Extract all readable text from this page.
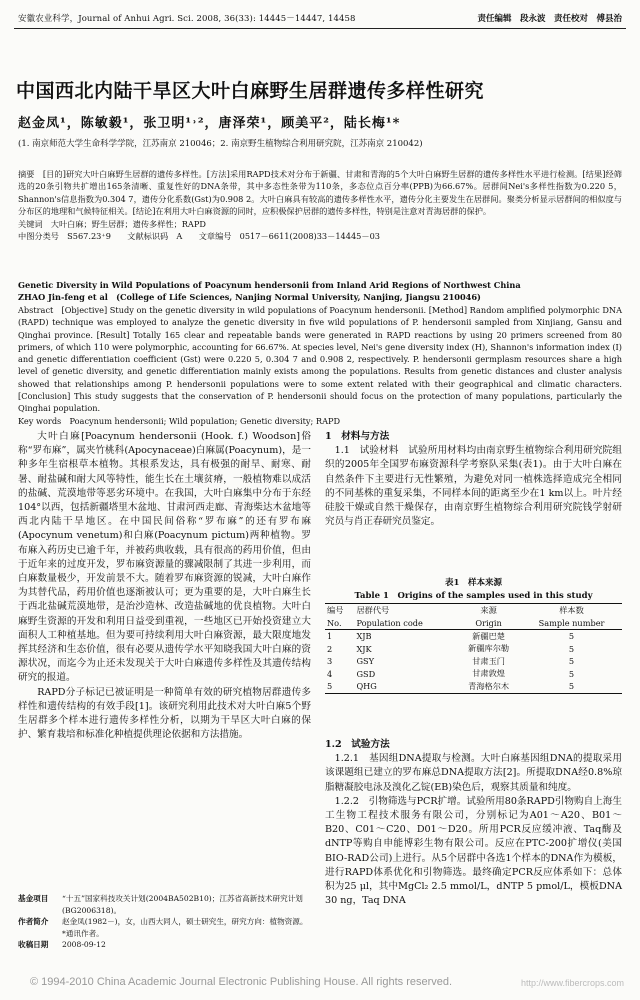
安徽农业科学，Journal of Anhui Agri. Sci. 2008, 36(33): 14445－14447, 14458	责任编辑　段永波　责任校对　傅县治
中国西北内陆干旱区大叶白麻野生居群遗传多样性研究
赵金凤¹，陈敏毅¹，张卫明¹˒²，唐泽荣¹，顾美平²，陆长梅¹*
(1. 南京师范大学生命科学学院，江苏南京 210046；2. 南京野生植物综合利用研究院，江苏南京 210042)

摘要　[目的]研究大叶白麻野生居群的遗传多样性。[方法]采用RAPD技术对分布于新疆、甘肃和青海的5个大叶白麻野生居群的遗传多样性水平进行检测。[结果]经筛选的20条引物共扩增出165条清晰、重复性好的DNA条带，其中多态性条带为110条，多态位点百分率(PPB)为66.67%。居群间Nei's多样性指数为0.220 5，Shannon's信息指数为0.304 7，遗传分化系数(Gst)为0.908 2。大叶白麻具有较高的遗传多样性水平，遗传分化主要发生在居群间。聚类分析显示居群间的相似度与分布区的地理和气候特征相关。[结论]在利用大叶白麻资源的同时，应积极保护居群的遗传多样性，特别是注意对青海居群的保护。

关键词　大叶白麻；野生居群；遗传多样性；RAPD

中图分类号　S567.23⁺9　　文献标识码　A　　文章编号　0517－6611(2008)33－14445－03

Genetic Diversity in Wild Populations of Poacynum hendersonii from Inland Arid Regions of Northwest China

ZHAO Jin-feng et al　(College of Life Sciences, Nanjing Normal University, Nanjing, Jiangsu 210046)

Abstract　[Objective] Study on the genetic diversity in wild populations of Poacynum hendersonii. [Method] Random amplified polymorphic DNA (RAPD) technique was employed to analyze the genetic diversity in five wild populations of P. hendersonii sampled from Xinjiang, Gansu and Qinghai province. [Result] Totally 165 clear and repeatable bands were generated in RAPD reactions by using 20 primers screened from 80 primers, of which 110 were polymorphic, accounting for 66.67%. At species level, Nei's gene diversity index (H), Shannon's information index (I) and genetic differentiation coefficient (Gst) were 0.220 5, 0.304 7 and 0.908 2, respectively. P. hendersonii germplasm resources share a high level of genetic diversity, and genetic differentiation mainly exists among the populations. Results from genetic distances and cluster analysis showed that relationships among P. hendersonii populations were to some extent related with their geographical and climatic characters. [Conclusion] This study suggests that the conservation of P. hendersonii should focus on the protection of many populations, particularly the Qinghai population.

Key words　Poacynum hendersonii; Wild population; Genetic diversity; RAPD

大叶白麻[Poacynum hendersonii (Hook. f.) Woodson]俗称“罗布麻”，属夹竹桃科(Apocynaceae)白麻属(Poacynum)，是一种多年生宿根草本植物。其根系发达，具有极强的耐旱、耐寒、耐暑、耐盐碱和耐大风等特性，能生长在土壤贫瘠，一般植物难以成活的盐碱、荒漠地带等恶劣环境中。在我国，大叶白麻集中分布于东经104°以西，包括新疆塔里木盆地、甘肃河西走廊、青海柴达木盆地等西北内陆干旱地区。在中国民间俗称“罗布麻”的还有罗布麻(Apocynum venetum)和白麻(Poacynum pictum)两种植物。罗布麻入药历史已逾千年，并被药典收载，具有很高的药用价值，但由于近年来的过度开发，罗布麻资源量的骤减限制了其进一步利用，而白麻数量极少，开发前景不大。随着罗布麻资源的锐减，大叶白麻作为其替代品，药用价值也逐渐被认可；更为重要的是，大叶白麻生长于西北盐碱荒漠地带，是治沙造林、改造盐碱地的优良植物。大叶白麻野生资源的开发和利用日益受到重视，一些地区已开始投资建立大面积人工种植基地。但为要可持续利用大叶白麻资源，最大限度地发挥其经济和生态价值，很有必要从遗传学水平知晓我国大叶白麻的资源状况，而迄今为止还未发现关于大叶白麻遗传多样性及其遗传结构研究的报道。

RAPD分子标记已被证明是一种简单有效的研究植物居群遗传多样性和遗传结构的有效手段[1]。该研究利用此技术对大叶白麻5个野生居群多个样本进行遗传多样性分析，以期为干旱区大叶白麻的保护、繁育栽培和标准化种植提供理论依据和方法措施。

基金项目	“十五”国家科技攻关计划(2004BA502B10)；江苏省高新技术研究计划(BG2006318)。
作者简介	赵金凤(1982－)，女，山西大同人，硕士研究生，研究方向：植物资源。*通讯作者。
收稿日期	2008-09-12

1　材料与方法

1.1　试验材料　试验所用材料均由南京野生植物综合利用研究院组织的2005年全国罗布麻资源科学考察队采集(表1)。由于大叶白麻在自然条件下主要进行无性繁殖，为避免对同一植株选择造成完全相同的不同基株的重复采集，不同样本间的距离至少在1 km以上。叶片经硅胶干燥或自然干燥保存，由南京野生植物综合利用研究院钱学射研究员与肖正春研究员鉴定。

表1　样本来源
Table 1　Origins of the samples used in this study
编号	居群代号	来源	样本数
No.	Population code	Origin	Sample number
1	XJB	新疆巴楚	5
2	XJK	新疆库尔勒	5
3	GSY	甘肃玉门	5
4	GSD	甘肃敦煌	5
5	QHG	青海格尔木	5

1.2　试验方法

1.2.1　基因组DNA提取与检测。大叶白麻基因组DNA的提取采用该课题组已建立的罗布麻总DNA提取方法[2]。所提取DNA经0.8%琼脂糖凝胶电泳及溴化乙锭(EB)染色后，观察其质量和纯度。

1.2.2　引物筛选与PCR扩增。试验所用80条RAPD引物购自上海生工生物工程技术服务有限公司，分别标记为A01～A20、B01～B20、C01～C20、D01～D20。所用PCR反应缓冲液、Taq酶及dNTP等购自申能博彩生物有限公司。反应在PTC-200扩增仪(美国BIO-RAD公司)上进行。从5个居群中各选1个样本的DNA作为模板，进行RAPD体系优化和引物筛选。最终确定PCR反应体系如下：总体积为25 μl，其中MgCl₂ 2.5 mmol/L，dNTP 5 pmol/L，模板DNA 30 ng，Taq DNA

© 1994-2010 China Academic Journal Electronic Publishing House. All rights reserved.	http://www.fibercrops.com
